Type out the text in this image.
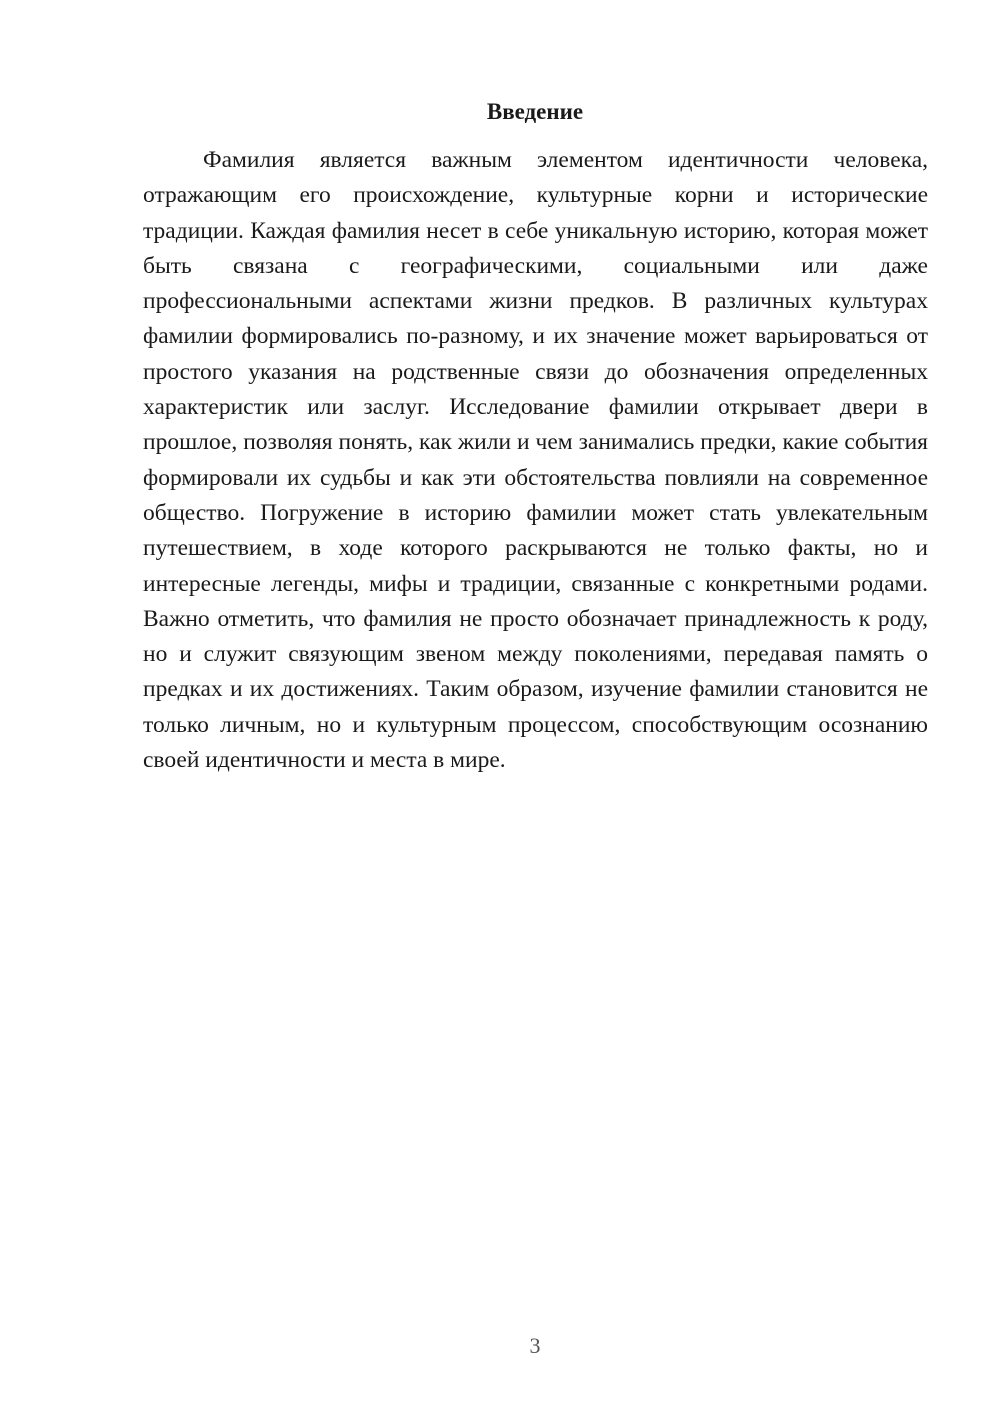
Введение

Фамилия является важным элементом идентичности человека, отражающим его происхождение, культурные корни и исторические традиции. Каждая фамилия несет в себе уникальную историю, которая может быть связана с географическими, социальными или даже профессиональными аспектами жизни предков. В различных культурах фамилии формировались по-разному, и их значение может варьироваться от простого указания на родственные связи до обозначения определенных характеристик или заслуг. Исследование фамилии открывает двери в прошлое, позволяя понять, как жили и чем занимались предки, какие события формировали их судьбы и как эти обстоятельства повлияли на современное общество. Погружение в историю фамилии может стать увлекательным путешествием, в ходе которого раскрываются не только факты, но и интересные легенды, мифы и традиции, связанные с конкретными родами. Важно отметить, что фамилия не просто обозначает принадлежность к роду, но и служит связующим звеном между поколениями, передавая память о предках и их достижениях. Таким образом, изучение фамилии становится не только личным, но и культурным процессом, способствующим осознанию своей идентичности и места в мире.

3
